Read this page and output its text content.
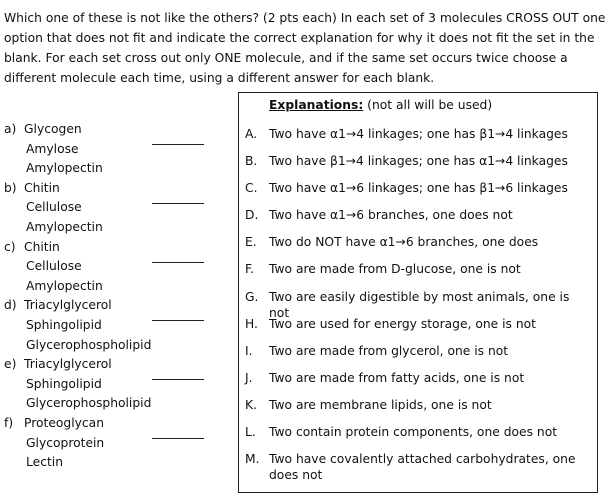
Which one of these is not like the others? (2 pts each) In each set of 3 molecules CROSS OUT one option that does not fit and indicate the correct explanation for why it does not fit the set in the blank. For each set cross out only ONE molecule, and if the same set occurs twice choose a different molecule each time, using a different answer for each blank.
a) Glycogen
Amylose
Amylopectin
b) Chitin
Cellulose
Amylopectin
c) Chitin
Cellulose
Amylopectin
d) Triacylglycerol
Sphingolipid
Glycerophospholipid
e) Triacylglycerol
Sphingolipid
Glycerophospholipid
f) Proteoglycan
Glycoprotein
Lectin
Explanations: (not all will be used)
A. Two have α1→4 linkages; one has β1→4 linkages
B. Two have β1→4 linkages; one has α1→4 linkages
C. Two have α1→6 linkages; one has β1→6 linkages
D. Two have α1→6 branches, one does not
E. Two do NOT have α1→6 branches, one does
F. Two are made from D-glucose, one is not
G. Two are easily digestible by most animals, one is not
H. Two are used for energy storage, one is not
I. Two are made from glycerol, one is not
J. Two are made from fatty acids, one is not
K. Two are membrane lipids, one is not
L. Two contain protein components, one does not
M. Two have covalently attached carbohydrates, one does not
